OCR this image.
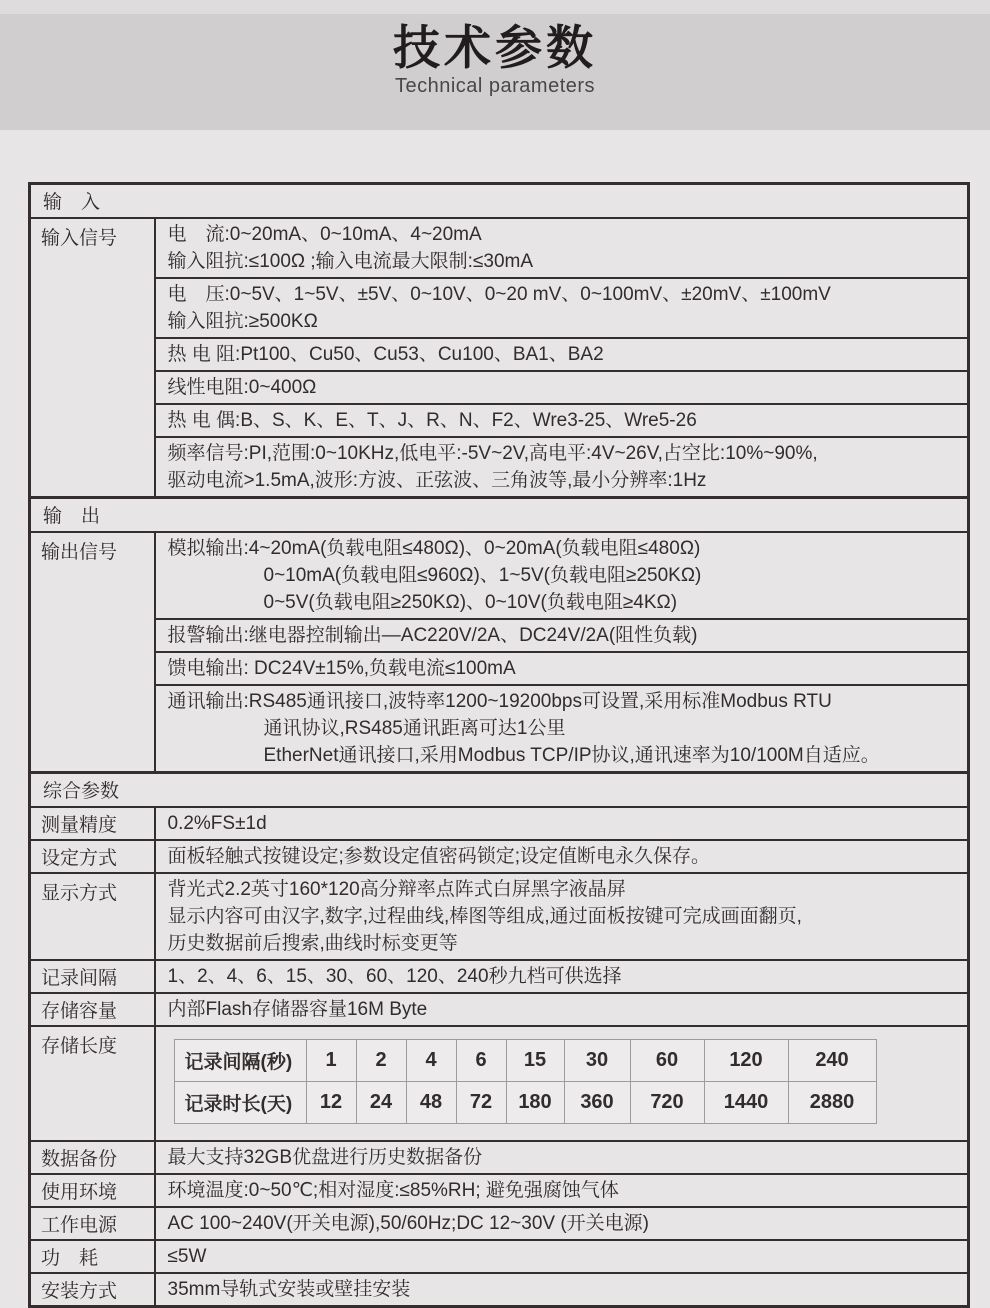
技术参数
Technical parameters
输　入
输入信号	电　流:0~20mA、0~10mA、4~20mA
输入阻抗:≤100Ω ;输入电流最大限制:≤30mA

电　压:0~5V、1~5V、±5V、0~10V、0~20 mV、0~100mV、±20mV、±100mV
输入阻抗:≥500KΩ

热 电 阻:Pt100、Cu50、Cu53、Cu100、BA1、BA2

线性电阻:0~400Ω

热 电 偶:B、S、K、E、T、J、R、N、F2、Wre3-25、Wre5-26

频率信号:PI,范围:0~10KHz,低电平:-5V~2V,高电平:4V~26V,占空比:10%~90%,
驱动电流>1.5mA,波形:方波、正弦波、三角波等,最小分辨率:1Hz

输　出
输出信号	模拟输出:4~20mA(负载电阻≤480Ω)、0~20mA(负载电阻≤480Ω)
0~10mA(负载电阻≤960Ω)、1~5V(负载电阻≥250KΩ)
0~5V(负载电阻≥250KΩ)、0~10V(负载电阻≥4KΩ)

报警输出:继电器控制输出—AC220V/2A、DC24V/2A(阻性负载)

馈电输出: DC24V±15%,负载电流≤100mA

通讯输出:RS485通讯接口,波特率1200~19200bps可设置,采用标准Modbus RTU
通讯协议,RS485通讯距离可达1公里
EtherNet通讯接口,采用Modbus TCP/IP协议,通讯速率为10/100M自适应。

综合参数
测量精度	0.2%FS±1d

设定方式	面板轻触式按键设定;参数设定值密码锁定;设定值断电永久保存。

显示方式	背光式2.2英寸160*120高分辩率点阵式白屏黑字液晶屏
显示内容可由汉字,数字,过程曲线,棒图等组成,通过面板按键可完成画面翻页,
历史数据前后搜索,曲线时标变更等

记录间隔	1、2、4、6、15、30、60、120、240秒九档可供选择

存储容量	内部Flash存储器容量16M Byte

存储长度	
记录间隔(秒)	1	2	4	6	15	30	60	120	240
记录时长(天)	12	24	48	72	180	360	720	1440	2880

数据备份	最大支持32GB优盘进行历史数据备份

使用环境	环境温度:0~50℃;相对湿度:≤85%RH; 避免强腐蚀气体

工作电源	AC 100~240V(开关电源),50/60Hz;DC 12~30V (开关电源)

功　耗	≤5W

安装方式	35mm导轨式安装或壁挂安装
